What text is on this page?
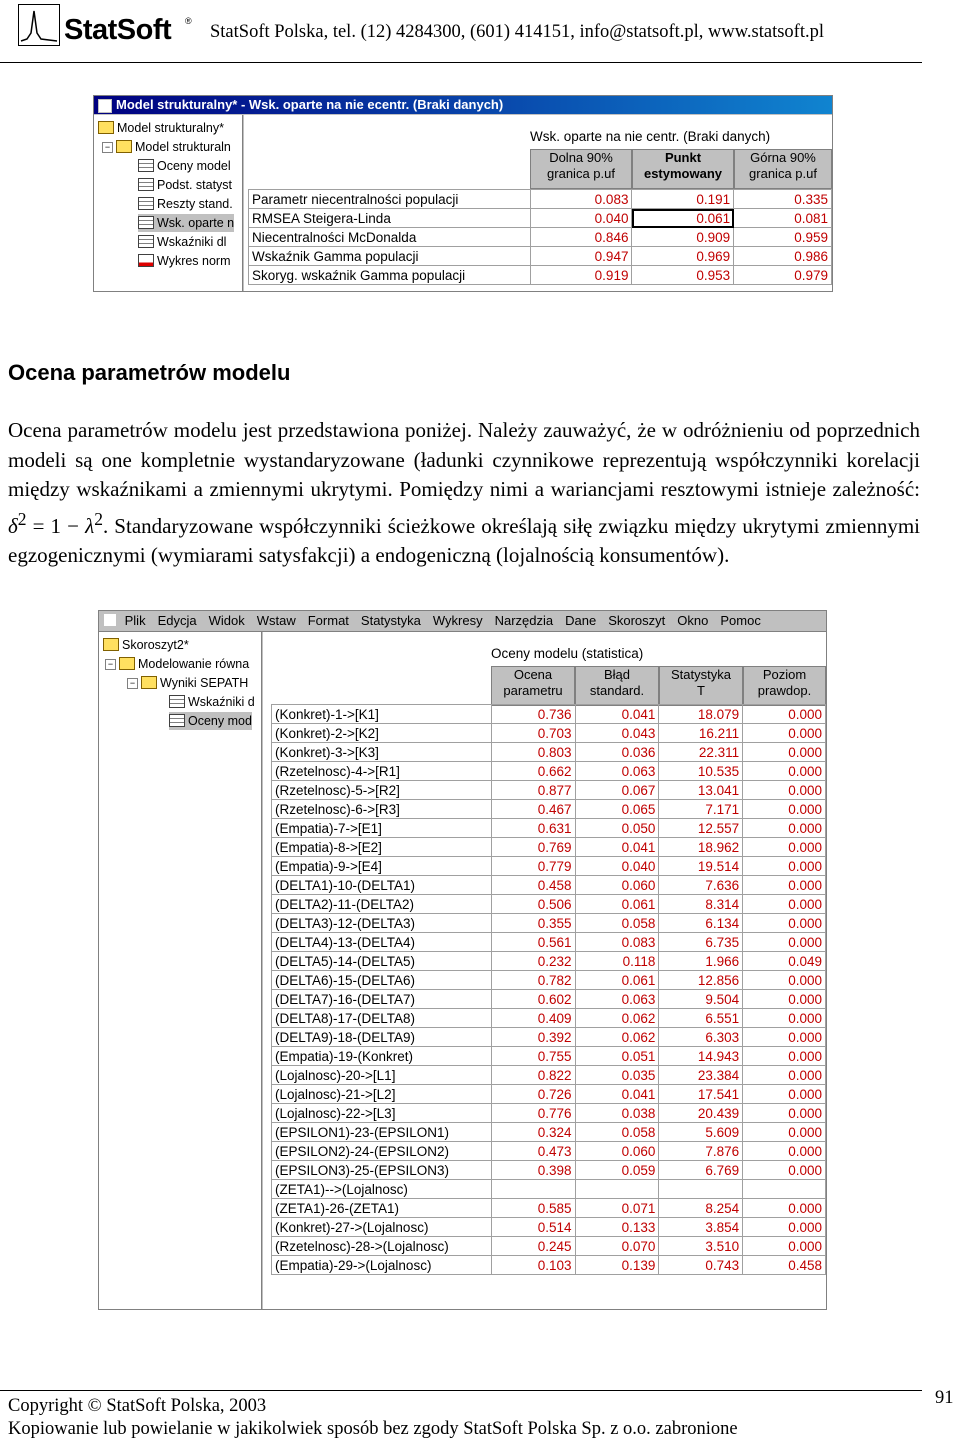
StatSoft ®
StatSoft Polska, tel. (12) 4284300, (601) 414151, info@statsoft.pl, www.statsoft.pl
Model strukturalny* - Wsk. oparte na nie ecentr. (Braki danych)
Model strukturalny*
− Model strukturaln
Oceny model
Podst. statyst
Reszty stand.
Wsk. oparte n
Wskaźniki dl
Wykres norm
Wsk. oparte na nie centr. (Braki danych)
Dolna 90%
granica p.uf
Punkt
estymowany
Górna 90%
granica p.uf
Parametr niecentralności populacji	0.083	0.191	0.335
RMSEA Steigera-Linda	0.040	0.061	0.081
Niecentralności McDonalda	0.846	0.909	0.959
Wskaźnik Gamma populacji	0.947	0.969	0.986
Skoryg. wskaźnik Gamma populacji	0.919	0.953	0.979
Ocena parametrów modelu
Ocena parametrów modelu jest przedstawiona poniżej. Należy zauważyć, że w odróżnieniu od poprzednich modeli są one kompletnie wystandaryzowane (ładunki czynnikowe reprezentują współczynniki korelacji między wskaźnikami a zmiennymi ukrytymi. Pomiędzy nimi a wariancjami resztowymi istnieje zależność: $\delta^2 = 1 - \lambda^2$. Standaryzowane współczynniki ścieżkowe określają siłę związku między ukrytymi zmiennymi egzogenicznymi (wymiarami satysfakcji) a endogeniczną (lojalnością konsumentów).
Plik Edycja Widok Wstaw Format Statystyka Wykresy Narzędzia Dane Skoroszyt Okno Pomoc
Skoroszyt2*
− Modelowanie równa
− Wyniki SEPATH
Wskaźniki d
Oceny mod
Oceny modelu (statistica)
Ocena
parametru
Błąd
standard.
Statystyka
T
Poziom
prawdop.
(Konkret)-1->[K1]	0.736	0.041	18.079	0.000
(Konkret)-2->[K2]	0.703	0.043	16.211	0.000
(Konkret)-3->[K3]	0.803	0.036	22.311	0.000
(Rzetelnosc)-4->[R1]	0.662	0.063	10.535	0.000
(Rzetelnosc)-5->[R2]	0.877	0.067	13.041	0.000
(Rzetelnosc)-6->[R3]	0.467	0.065	7.171	0.000
(Empatia)-7->[E1]	0.631	0.050	12.557	0.000
(Empatia)-8->[E2]	0.769	0.041	18.962	0.000
(Empatia)-9->[E4]	0.779	0.040	19.514	0.000
(DELTA1)-10-(DELTA1)	0.458	0.060	7.636	0.000
(DELTA2)-11-(DELTA2)	0.506	0.061	8.314	0.000
(DELTA3)-12-(DELTA3)	0.355	0.058	6.134	0.000
(DELTA4)-13-(DELTA4)	0.561	0.083	6.735	0.000
(DELTA5)-14-(DELTA5)	0.232	0.118	1.966	0.049
(DELTA6)-15-(DELTA6)	0.782	0.061	12.856	0.000
(DELTA7)-16-(DELTA7)	0.602	0.063	9.504	0.000
(DELTA8)-17-(DELTA8)	0.409	0.062	6.551	0.000
(DELTA9)-18-(DELTA9)	0.392	0.062	6.303	0.000
(Empatia)-19-(Konkret)	0.755	0.051	14.943	0.000
(Lojalnosc)-20->[L1]	0.822	0.035	23.384	0.000
(Lojalnosc)-21->[L2]	0.726	0.041	17.541	0.000
(Lojalnosc)-22->[L3]	0.776	0.038	20.439	0.000
(EPSILON1)-23-(EPSILON1)	0.324	0.058	5.609	0.000
(EPSILON2)-24-(EPSILON2)	0.473	0.060	7.876	0.000
(EPSILON3)-25-(EPSILON3)	0.398	0.059	6.769	0.000
(ZETA1)-->(Lojalnosc)				
(ZETA1)-26-(ZETA1)	0.585	0.071	8.254	0.000
(Konkret)-27->(Lojalnosc)	0.514	0.133	3.854	0.000
(Rzetelnosc)-28->(Lojalnosc)	0.245	0.070	3.510	0.000
(Empatia)-29->(Lojalnosc)	0.103	0.139	0.743	0.458
Copyright © StatSoft Polska, 2003
Kopiowanie lub powielanie w jakikolwiek sposób bez zgody StatSoft Polska Sp. z o.o. zabronione
91
